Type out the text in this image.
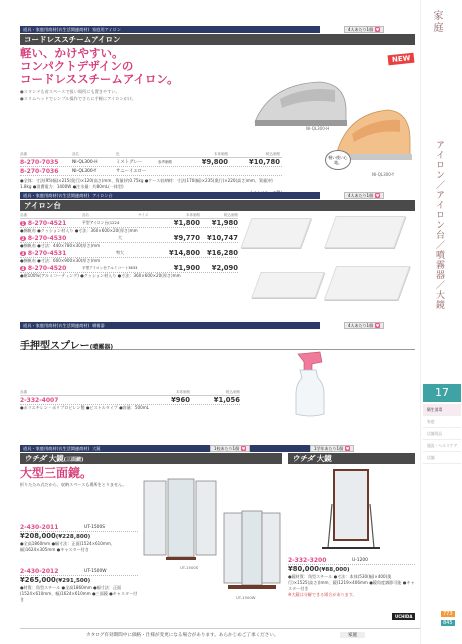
家庭
アイロン／アイロン台／噴霧器／大鏡
17
衛生消毒
家庭
店舗用品
施設・ヘルスケア
店舗
773
845
道具・家庭用商材(衣生活関連商材) 家庭用アイロン	4人あたり1個 ♥
コードレススチームアイロン
軽い、かけやすい。
コンパクトデザインの
コードレススチームアイロン。
●スタンドも省スペースで扱い場所にも置きやすい。
●スリムヘッドでシンプル操作でさらに手軽にアイロンがけ。
NEW
NI-QL300-H
NI-QL300-Y
軽い使い心地。
品番	品名	色	本体価格	税込価格
8-270-7035	NI-QL300-H	ミストグレー	参考価格	¥9,800	¥10,780
8-270-7036	NI-QL300-Y	サニーイエロー
●全体：寸法(95(幅)×215(奥行)×120(高さ)mm、質量)約0.75kg ●ケース収納時：寸法(170(幅)×235(奥行)×220(高さ)mm、質量)約1.8kg ●消費電力：1400W ●注水量：約80mL(一体型)
道具・家庭用商材(衣生活関連商材) アイロン台	4人あたり1個 ♥
アイロン台
品番	品名	サイズ	本体価格	税込価格
1 8-270-4521	平型アイロン台(1224	¥1,800	¥1,980
●綿帆布 ●クッション材入り ●寸法：360×600×20(厚さ)mm
2 8-270-4530	大	¥9,770	¥10,747
●綿帆布 ●寸法：440×780×30(厚さ)mm
3 8-270-4531	特大	¥14,800	¥16,280
●綿帆布 ●寸法：600×900×30(厚さ)mm
4 8-270-4520	平型アイロン台アルミコート3633	¥1,900	¥2,090
●耐100%(アルミコーティング) ●クッション材入り ●寸法：360×600×20(厚さ)mm
道具・家庭用商材(衣生活関連商材) 噴霧器	4人あたり1個 ♥
手押型スプレー(噴霧器)
品番	本体価格	税込価格
2-332-4007	¥960	¥1,056
●ポリエチレン・ポリプロピレン製 ●ピストルタイプ ●容量：500mL
道具・家庭用商材(衣生活関連商材) 大鏡	1校あたり1個 ♥	1学年あたり1個 ♥
ウチダ 大鏡(三面鏡)
大型三面鏡。
折りたたみ式だから、収納スペースも場所をとりません。
UT-1500S
UT-1500W
2-430-2011	UT-1500S
¥208,000(¥228,800)
●全高1860mm ●幅寸法：正面(1524×610mm、幅)1624×305mm ●キャスター付き
2-430-2012	UT-1500W
¥265,000(¥291,500)
●材質：角型スチール ●全高1860mm ●幅寸法：正面(1524×610mm、幅)1624×610mm ●三面鏡 ●キャスター付き
ウチダ 大鏡
2-332-3200	U-1200
¥80,000(¥88,000)
●鏡材質：角型スチール ●寸法：本体(530(幅)×400(奥行)×1525(高さ))mm、鏡(1219×406mm ●鏡角度調節可能 ●キャスター付き
※大鏡は分解できる場合があります。
UCHIDA
カタログ有効期間中に価格・仕様が変更になる場合があります。あらかじめご了承ください。	家庭
